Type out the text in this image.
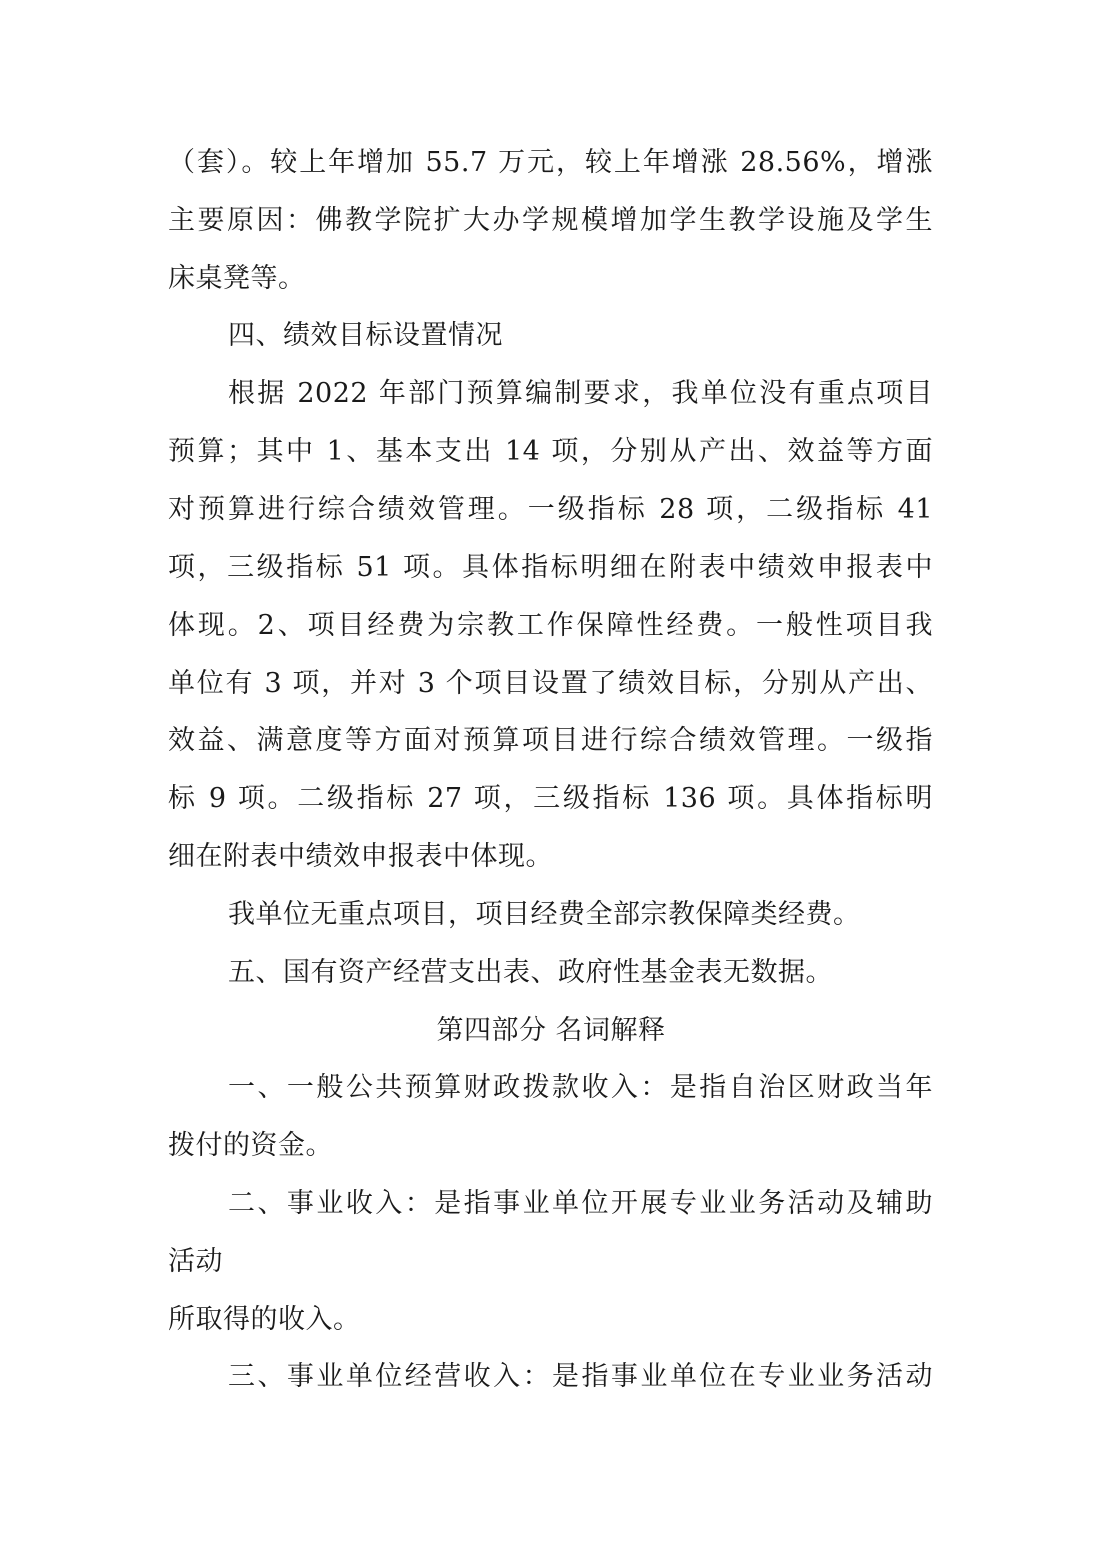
（套）。较上年增加 55.7 万元，较上年增涨 28.56%，增涨

主要原因：佛教学院扩大办学规模增加学生教学设施及学生

床桌凳等。

四、绩效目标设置情况

根据 2022 年部门预算编制要求，我单位没有重点项目

预算；其中 1、基本支出 14 项，分别从产出、效益等方面

对预算进行综合绩效管理。一级指标 28 项，二级指标 41

项，三级指标 51 项。具体指标明细在附表中绩效申报表中

体现。2、项目经费为宗教工作保障性经费。一般性项目我

单位有 3 项，并对 3 个项目设置了绩效目标，分别从产出、

效益、满意度等方面对预算项目进行综合绩效管理。一级指

标 9 项。二级指标 27 项，三级指标 136 项。具体指标明

细在附表中绩效申报表中体现。

我单位无重点项目，项目经费全部宗教保障类经费。

五、国有资产经营支出表、政府性基金表无数据。

第四部分 名词解释

一、一般公共预算财政拨款收入：是指自治区财政当年

拨付的资金。

二、事业收入：是指事业单位开展专业业务活动及辅助

活动

所取得的收入。

三、事业单位经营收入：是指事业单位在专业业务活动
